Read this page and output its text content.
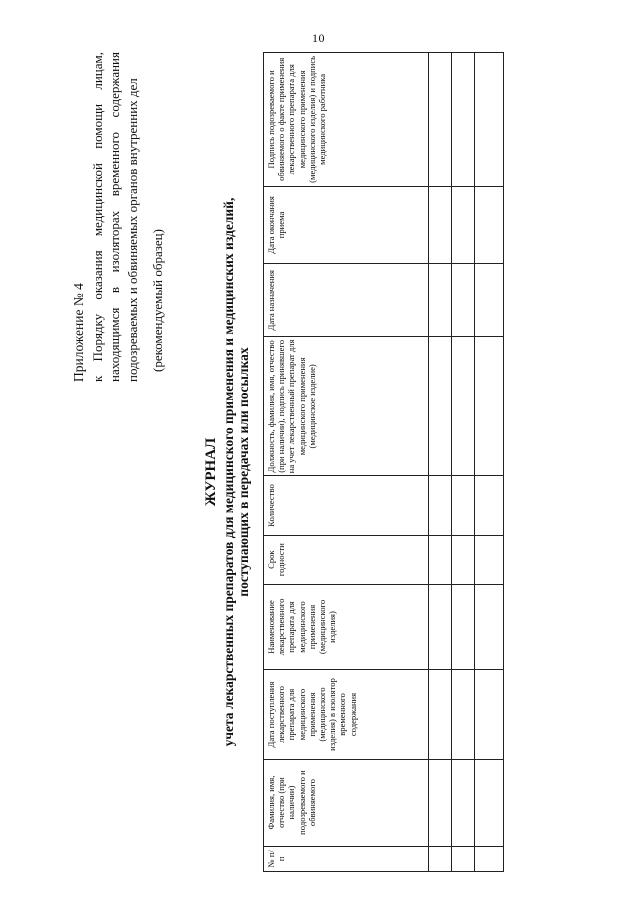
10
Приложение № 4 к Порядку оказания медицинской помощи лицам, находящимся в изоляторах временного содержания подозреваемых и обвиняемых органов внутренних дел (рекомендуемый образец)
ЖУРНАЛ учета лекарственных препаратов для медицинского применения и медицинских изделий, поступающих в передачах или посылках
№ п/п	Фамилия, имя, отчество (при наличии) подозреваемого и обвиняемого	Дата поступления лекарственного препарата для медицинского применения (медицинского изделия) в изолятор временного содержания	Наименование лекарственного препарата для медицинского применения (медицинского изделия)	Срок годности	Количество	Должность, фамилия, имя, отчество (при наличии), подпись принявшего на учет лекарственный препарат для медицинского применения (медицинское изделие)	Дата назначения	Дата окончания приема	Подпись подозреваемого и обвиняемого о факте применения лекарственного препарата для медицинского применения (медицинского изделия) и подпись медицинского работника
